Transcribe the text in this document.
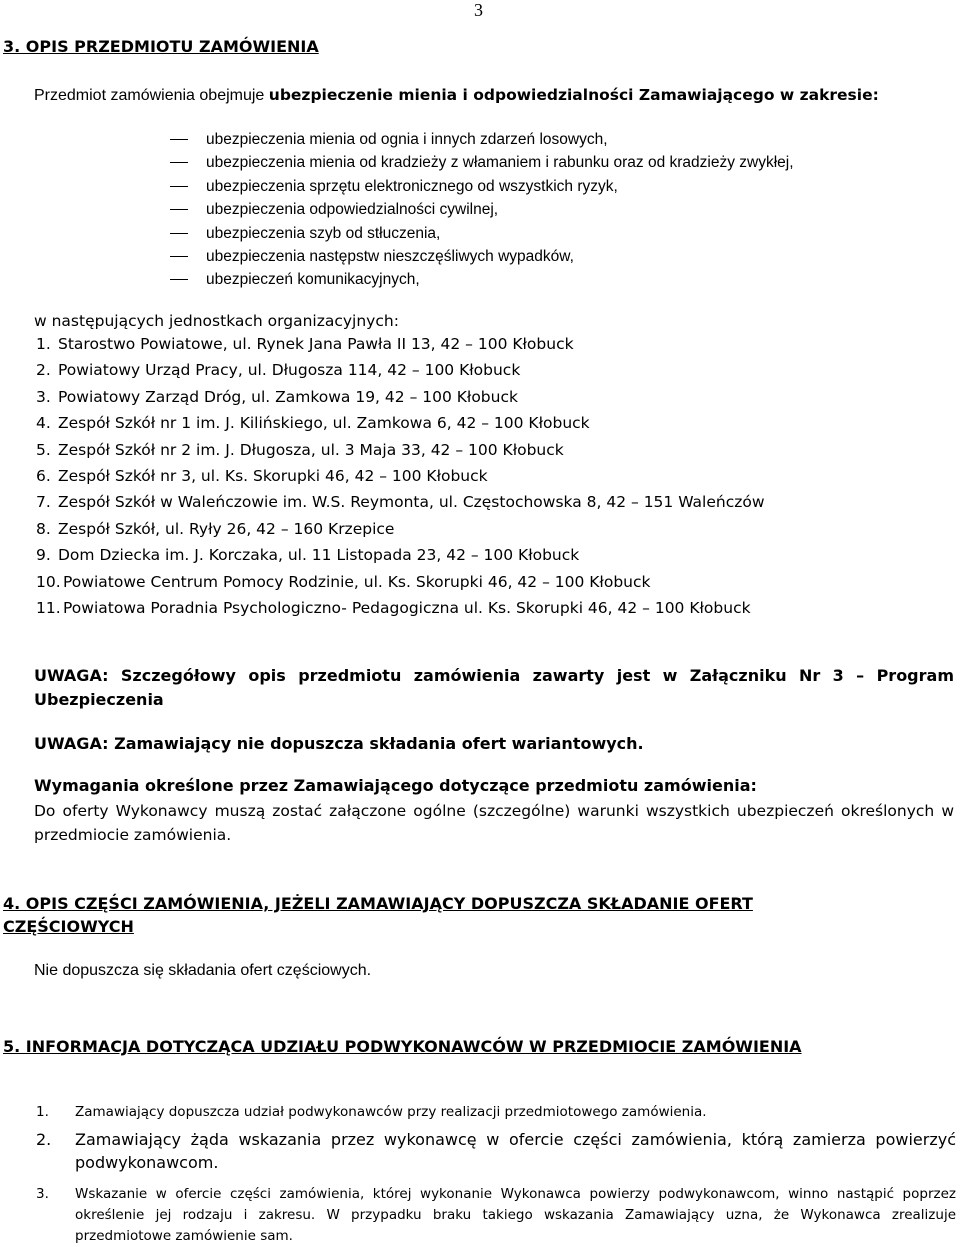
3
3. OPIS PRZEDMIOTU ZAMÓWIENIA
Przedmiot zamówienia obejmuje ubezpieczenie mienia i odpowiedzialności Zamawiającego w zakresie:
ubezpieczenia mienia od ognia i innych zdarzeń losowych,
ubezpieczenia mienia od kradzieży z włamaniem i rabunku oraz od kradzieży zwykłej,
ubezpieczenia sprzętu elektronicznego od wszystkich ryzyk,
ubezpieczenia odpowiedzialności cywilnej,
ubezpieczenia szyb od stłuczenia,
ubezpieczenia następstw nieszczęśliwych wypadków,
ubezpieczeń komunikacyjnych,
w następujących jednostkach organizacyjnych:
1. Starostwo Powiatowe, ul. Rynek Jana Pawła II 13, 42 – 100 Kłobuck
2. Powiatowy Urząd Pracy, ul. Długosza 114, 42 – 100 Kłobuck
3. Powiatowy Zarząd Dróg, ul. Zamkowa 19, 42 – 100 Kłobuck
4. Zespół Szkół nr 1 im. J. Kilińskiego, ul. Zamkowa 6, 42 – 100 Kłobuck
5. Zespół Szkół nr 2 im. J. Długosza, ul. 3 Maja 33, 42 – 100 Kłobuck
6. Zespół Szkół nr 3, ul. Ks. Skorupki 46, 42 – 100 Kłobuck
7. Zespół Szkół w Waleńczowie im. W.S. Reymonta, ul. Częstochowska 8, 42 – 151 Waleńczów
8. Zespół Szkół, ul. Ryły 26, 42 – 160 Krzepice
9. Dom Dziecka im. J. Korczaka, ul. 11 Listopada 23, 42 – 100 Kłobuck
10. Powiatowe Centrum Pomocy Rodzinie, ul. Ks. Skorupki 46, 42 – 100 Kłobuck
11. Powiatowa Poradnia Psychologiczno- Pedagogiczna ul. Ks. Skorupki 46, 42 – 100 Kłobuck
UWAGA: Szczegółowy opis przedmiotu zamówienia zawarty jest w Załączniku Nr 3 – Program Ubezpieczenia
UWAGA: Zamawiający nie dopuszcza składania ofert wariantowych.
Wymagania określone przez Zamawiającego dotyczące przedmiotu zamówienia:
Do oferty Wykonawcy muszą zostać załączone ogólne (szczególne) warunki wszystkich ubezpieczeń określonych w przedmiocie zamówienia.
4. OPIS CZĘŚCI ZAMÓWIENIA, JEŻELI ZAMAWIAJĄCY DOPUSZCZA SKŁADANIE OFERT CZĘŚCIOWYCH
Nie dopuszcza się składania ofert częściowych.
5. INFORMACJA DOTYCZĄCA UDZIAŁU PODWYKONAWCÓW W PRZEDMIOCIE ZAMÓWIENIA
1. Zamawiający dopuszcza udział podwykonawców przy realizacji przedmiotowego zamówienia.
2. Zamawiający żąda wskazania przez wykonawcę w ofercie części zamówienia, którą zamierza powierzyć podwykonawcom.
3. Wskazanie w ofercie części zamówienia, której wykonanie Wykonawca powierzy podwykonawcom, winno nastąpić poprzez określenie jej rodzaju i zakresu. W przypadku braku takiego wskazania Zamawiający uzna, że Wykonawca zrealizuje przedmiotowe zamówienie sam.
